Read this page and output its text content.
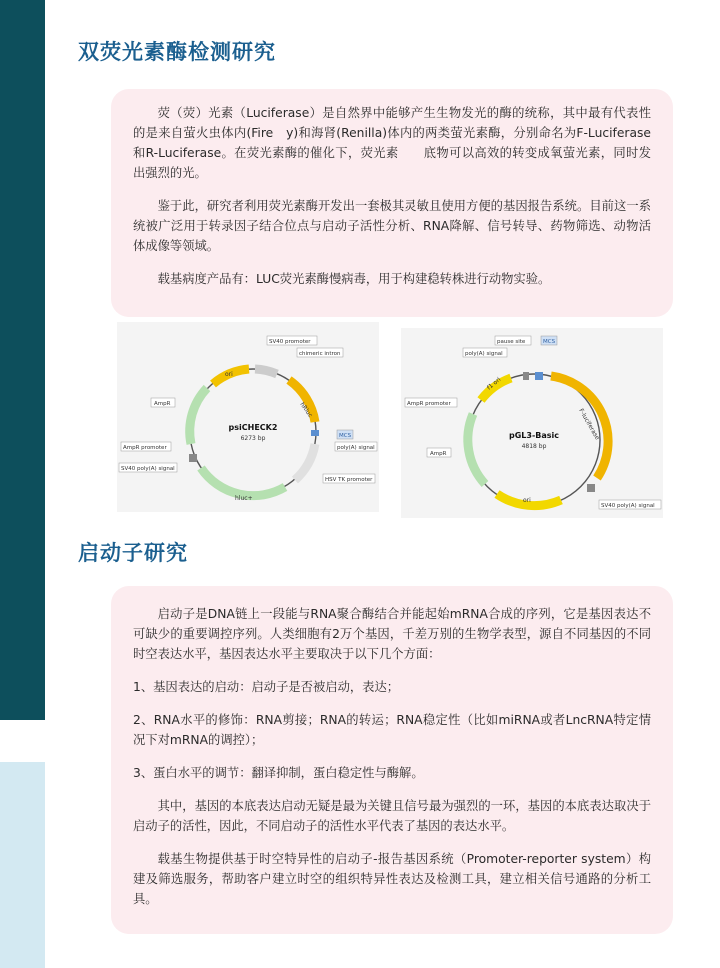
双荧光素酶检测研究

荧（荧）光素（Luciferase）是自然界中能够产生生物发光的酶的统称，其中最有代表性的是来自萤火虫体内(Fire　y)和海肾(Renilla)体内的两类萤光素酶，分别命名为F-Luciferase和R-Luciferase。在荧光素酶的催化下，荧光素　　底物可以高效的转变成氧萤光素，同时发出强烈的光。

鉴于此，研究者利用荧光素酶开发出一套极其灵敏且使用方便的基因报告系统。目前这一系统被广泛用于转录因子结合位点与启动子活性分析、RNA降解、信号转导、药物筛选、动物活体成像等领域。

载基病度产品有：LUC荧光素酶慢病毒，用于构建稳转株进行动物实验。

ori
hRluc
hluc+
psiCHECK2
6273 bp
SV40 promoter
chimeric intron
MCS
poly(A) signal
HSV TK promoter
AmpR
AmpR promoter
SV40 poly(A) signal
F-luciferase
ori
f1 ori
pGL3-Basic
4818 bp
pause site	MCS
poly(A) signal
AmpR promoter
AmpR
SV40 poly(A) signal
启动子研究

启动子是DNA链上一段能与RNA聚合酶结合并能起始mRNA合成的序列，它是基因表达不可缺少的重要调控序列。人类细胞有2万个基因，千差万别的生物学表型，源自不同基因的不同时空表达水平，基因表达水平主要取决于以下几个方面：

1、基因表达的启动：启动子是否被启动，表达；

2、RNA水平的修饰：RNA剪接；RNA的转运；RNA稳定性（比如miRNA或者LncRNA特定情况下对mRNA的调控）；

3、蛋白水平的调节：翻译抑制，蛋白稳定性与酶解。

其中，基因的本底表达启动无疑是最为关键且信号最为强烈的一环，基因的本底表达取决于启动子的活性，因此，不同启动子的活性水平代表了基因的表达水平。

载基生物提供基于时空特异性的启动子-报告基因系统（Promoter-reporter system）构建及筛选服务，帮助客户建立时空的组织特异性表达及检测工具，建立相关信号通路的分析工具。
